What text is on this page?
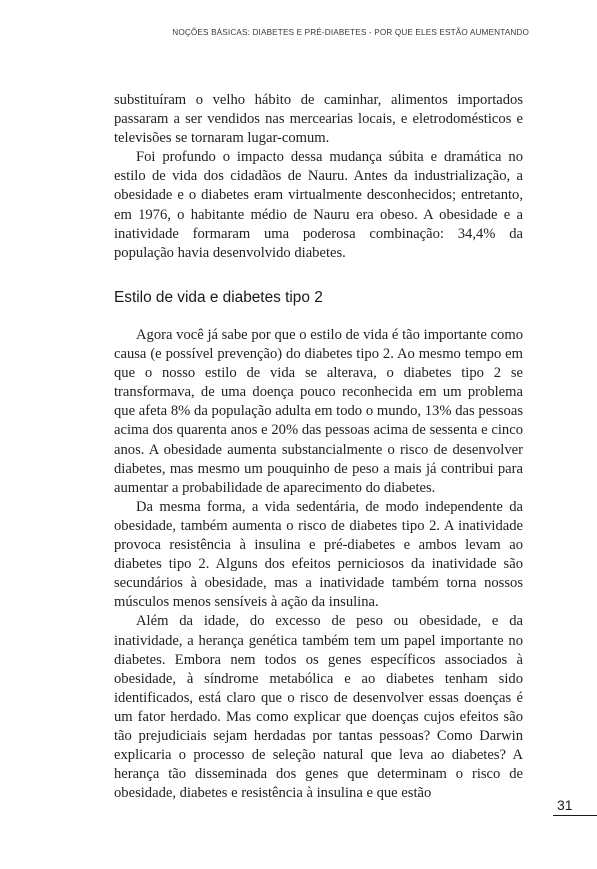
NOÇÕES BÁSICAS: DIABETES E PRÉ-DIABETES - POR QUE ELES ESTÃO AUMENTANDO

substituíram o velho hábito de caminhar, alimentos importados passaram a ser vendidos nas mercearias locais, e eletrodomésticos e televisões se tornaram lugar-comum.

Foi profundo o impacto dessa mudança súbita e dramática no estilo de vida dos cidadãos de Nauru. Antes da industrialização, a obesidade e o diabetes eram virtualmente desconhecidos; entretanto, em 1976, o habitante médio de Nauru era obeso. A obesidade e a inatividade formaram uma poderosa combinação: 34,4% da população havia desenvolvido diabetes.

Estilo de vida e diabetes tipo 2

Agora você já sabe por que o estilo de vida é tão importante como causa (e possível prevenção) do diabetes tipo 2. Ao mesmo tempo em que o nosso estilo de vida se alterava, o diabetes tipo 2 se transformava, de uma doença pouco reconhecida em um problema que afeta 8% da população adulta em todo o mundo, 13% das pessoas acima dos quarenta anos e 20% das pessoas acima de sessenta e cinco anos. A obesidade aumenta substancialmente o risco de desenvolver diabetes, mas mesmo um pouquinho de peso a mais já contribui para aumentar a probabilidade de aparecimento do diabetes.

Da mesma forma, a vida sedentária, de modo independente da obesidade, também aumenta o risco de diabetes tipo 2. A inatividade provoca resistência à insulina e pré-diabetes e ambos levam ao diabetes tipo 2. Alguns dos efeitos perniciosos da inatividade são secundários à obesidade, mas a inatividade também torna nossos músculos menos sensíveis à ação da insulina.

Além da idade, do excesso de peso ou obesidade, e da inatividade, a herança genética também tem um papel importante no diabetes. Embora nem todos os genes específicos associados à obesidade, à síndrome metabólica e ao diabetes tenham sido identificados, está claro que o risco de desenvolver essas doenças é um fator herdado. Mas como explicar que doenças cujos efeitos são tão prejudiciais sejam herdadas por tantas pessoas? Como Darwin explicaria o processo de seleção natural que leva ao diabetes? A herança tão disseminada dos genes que determinam o risco de obesidade, diabetes e resistência à insulina e que estão

31
